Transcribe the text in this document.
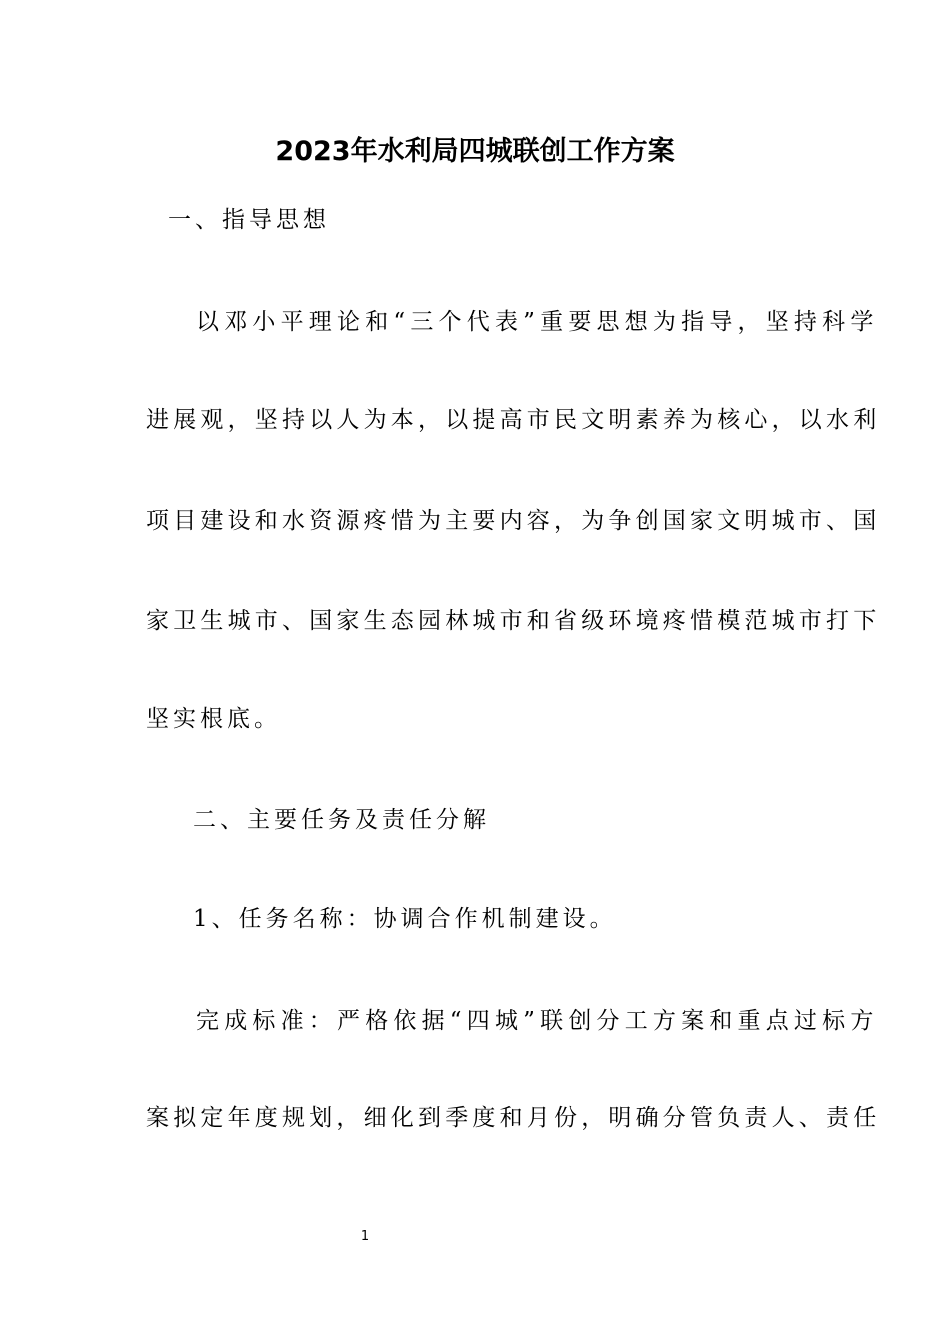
2023年水利局四城联创工作方案
一、指导思想
以邓小平理论和“三个代表”重要思想为指导，坚持科学
进展观，坚持以人为本，以提高市民文明素养为核心，以水利
项目建设和水资源疼惜为主要内容，为争创国家文明城市、国
家卫生城市、国家生态园林城市和省级环境疼惜模范城市打下
坚实根底。
二、主要任务及责任分解
1、任务名称：协调合作机制建设。
完成标准：严格依据“四城”联创分工方案和重点过标方
案拟定年度规划，细化到季度和月份，明确分管负责人、责任
1
